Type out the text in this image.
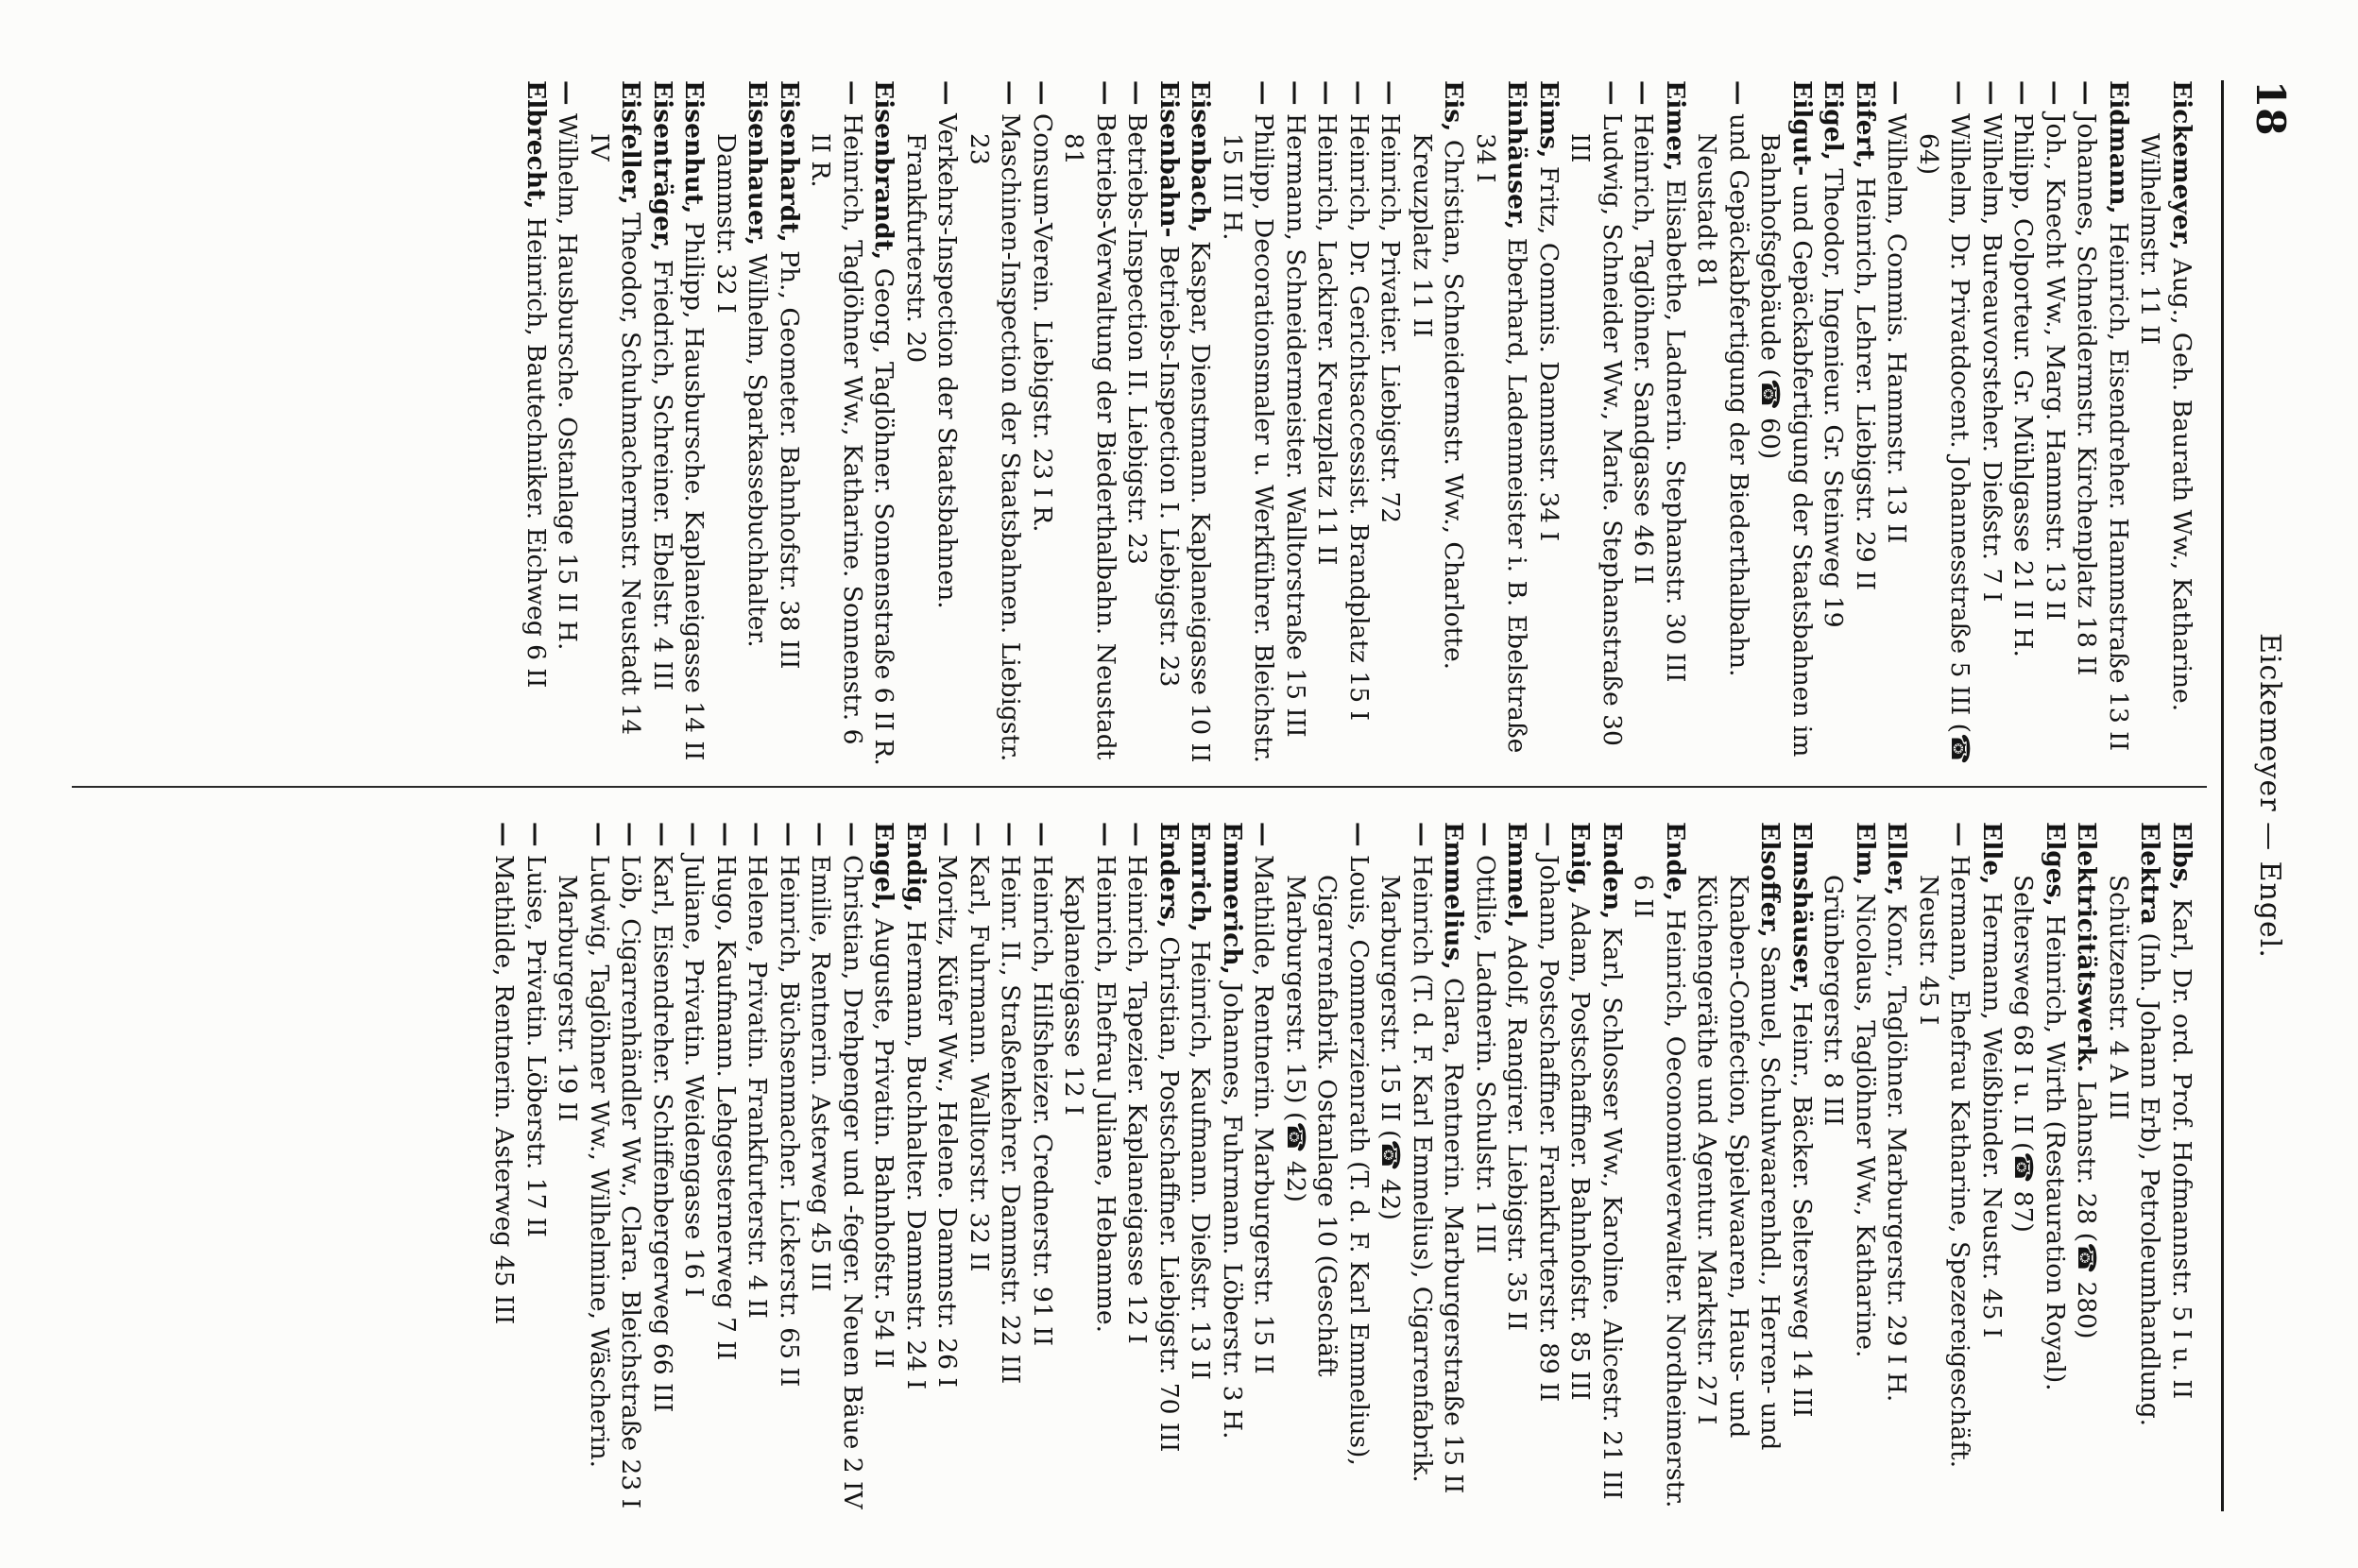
18
Eickemeyer — Engel.

Eickemeyer, Aug., Geh. Baurath Ww., Katharine. Wilhelmstr. 11 II

Eidmann, Heinrich, Eisendreher. Hammstraße 13 II

— Johannes, Schneidermstr. Kirchenplatz 18 II

— Joh., Knecht Ww., Marg. Hammstr. 13 II

— Philipp, Colporteur. Gr. Mühlgasse 21 II H.

— Wilhelm, Bureauvorsteher. Dießstr. 7 I

— Wilhelm, Dr. Privatdocent. Johannesstraße 5 III (☎ 64)

— Wilhelm, Commis. Hammstr. 13 II

Eifert, Heinrich, Lehrer. Liebigstr. 29 II

Eigel, Theodor, Ingenieur. Gr. Steinweg 19

Eilgut- und Gepäckabfertigung der Staatsbahnen im Bahnhofsgebäude (☎ 60)

— und Gepäckabfertigung der Biederthalbahn. Neustadt 81

Eimer, Elisabethe, Ladnerin. Stephanstr. 30 III

— Heinrich, Taglöhner. Sandgasse 46 II

— Ludwig, Schneider Ww., Marie. Stephanstraße 30 III

Eims, Fritz, Commis. Dammstr. 34 I

Einhäuser, Eberhard, Ladenmeister i. B. Ebelstraße 34 I

Eis, Christian, Schneidermstr. Ww., Charlotte. Kreuzplatz 11 II

— Heinrich, Privatier. Liebigstr. 72

— Heinrich, Dr. Gerichtsaccessist. Brandplatz 15 I

— Heinrich, Lackirer. Kreuzplatz 11 II

— Hermann, Schneidermeister. Walltorstraße 15 III

— Philipp, Decorationsmaler u. Werkführer. Bleichstr. 15 III H.

Eisenbach, Kaspar, Dienstmann. Kaplaneigasse 10 II

Eisenbahn- Betriebs-Inspection I. Liebigstr. 23

— Betriebs-Inspection II. Liebigstr. 23

— Betriebs-Verwaltung der Biederthalbahn. Neustadt 81

— Consum-Verein. Liebigstr. 23 I R.

— Maschinen-Inspection der Staatsbahnen. Liebigstr. 23

— Verkehrs-Inspection der Staatsbahnen. Frankfurterstr. 20

Eisenbrandt, Georg, Taglöhner. Sonnenstraße 6 II R.

— Heinrich, Taglöhner Ww., Katharine. Sonnenstr. 6 II R.

Eisenhardt, Ph., Geometer. Bahnhofstr. 38 III

Eisenhauer, Wilhelm, Sparkassebuchhalter. Dammstr. 32 I

Eisenhut, Philipp, Hausbursche. Kaplaneigasse 14 II

Eisenträger, Friedrich, Schreiner. Ebelstr. 4 III

Eisfeller, Theodor, Schuhmachermstr. Neustadt 14 IV

— Wilhelm, Hausbursche. Ostanlage 15 II H.

Elbrecht, Heinrich, Bautechniker. Eichweg 6 II

Elbs, Karl, Dr. ord. Prof. Hofmannstr. 5 I u. II

Elektra (Inh. Johann Erb), Petroleumhandlung. Schützenstr. 4 A III

Elektricitätswerk. Lahnstr. 28 (☎ 280)

Elges, Heinrich, Wirth (Restauration Royal). Seltersweg 68 I u. II (☎ 87)

Elle, Hermann, Weißbinder. Neustr. 45 I

— Hermann, Ehefrau Katharine, Spezereigeschäft. Neustr. 45 I

Eller, Konr., Taglöhner. Marburgerstr. 29 I H.

Elm, Nicolaus, Taglöhner Ww., Katharine. Grünbergerstr. 8 III

Elmshäuser, Heinr., Bäcker. Seltersweg 14 III

Elsoffer, Samuel, Schuhwaarenhdl., Herren- und Knaben-Confection, Spielwaaren, Haus- und Küchengeräthe und Agentur. Marktstr. 27 I

Ende, Heinrich, Oeconomieverwalter. Nordheimerstr. 6 II

Enden, Karl, Schlosser Ww., Karoline. Alicestr. 21 III

Enig, Adam, Postschaffner. Bahnhofstr. 85 III

— Johann, Postschaffner. Frankfurterstr. 89 II

Emmel, Adolf, Rangirer. Liebigstr. 35 II

— Ottilie, Ladnerin. Schulstr. 1 III

Emmelius, Clara, Rentnerin. Marburgerstraße 15 II

— Heinrich (T. d. F. Karl Emmelius), Cigarrenfabrik. Marburgerstr. 15 II (☎ 42)

— Louis, Commerzienrath (T. d. F. Karl Emmelius), Cigarrenfabrik. Ostanlage 10 (Geschäft Marburgerstr. 15) (☎ 42)

— Mathilde, Rentnerin. Marburgerstr. 15 II

Emmerich, Johannes, Fuhrmann. Löberstr. 3 H.

Emrich, Heinrich, Kaufmann. Dießstr. 13 II

Enders, Christian, Postschaffner. Liebigstr. 70 III

— Heinrich, Tapezier. Kaplaneigasse 12 I

— Heinrich, Ehefrau Juliane, Hebamme. Kaplaneigasse 12 I

— Heinrich, Hilfsheizer. Crednerstr. 91 II

— Heinr. II., Straßenkehrer. Dammstr. 22 III

— Karl, Fuhrmann. Walltorstr. 32 II

— Moritz, Küfer Ww., Helene. Dammstr. 26 I

Endig, Hermann, Buchhalter. Dammstr. 24 I

Engel, Auguste, Privatin. Bahnhofstr. 54 II

— Christian, Drehpenger und -feger. Neuen Bäue 2 IV

— Emilie, Rentnerin. Asterweg 45 III

— Heinrich, Büchsenmacher. Lickerstr. 65 II

— Helene, Privatin. Frankfurterstr. 4 II

— Hugo, Kaufmann. Lehgesternerweg 7 II

— Juliane, Privatin. Weidengasse 16 I

— Karl, Eisendreher. Schiffenbergerweg 66 III

— Löb, Cigarrenhändler Ww., Clara. Bleichstraße 23 I

— Ludwig, Taglöhner Ww., Wilhelmine, Wäscherin. Marburgerstr. 19 II

— Luise, Privatin. Löberstr. 17 II

— Mathilde, Rentnerin. Asterweg 45 III
